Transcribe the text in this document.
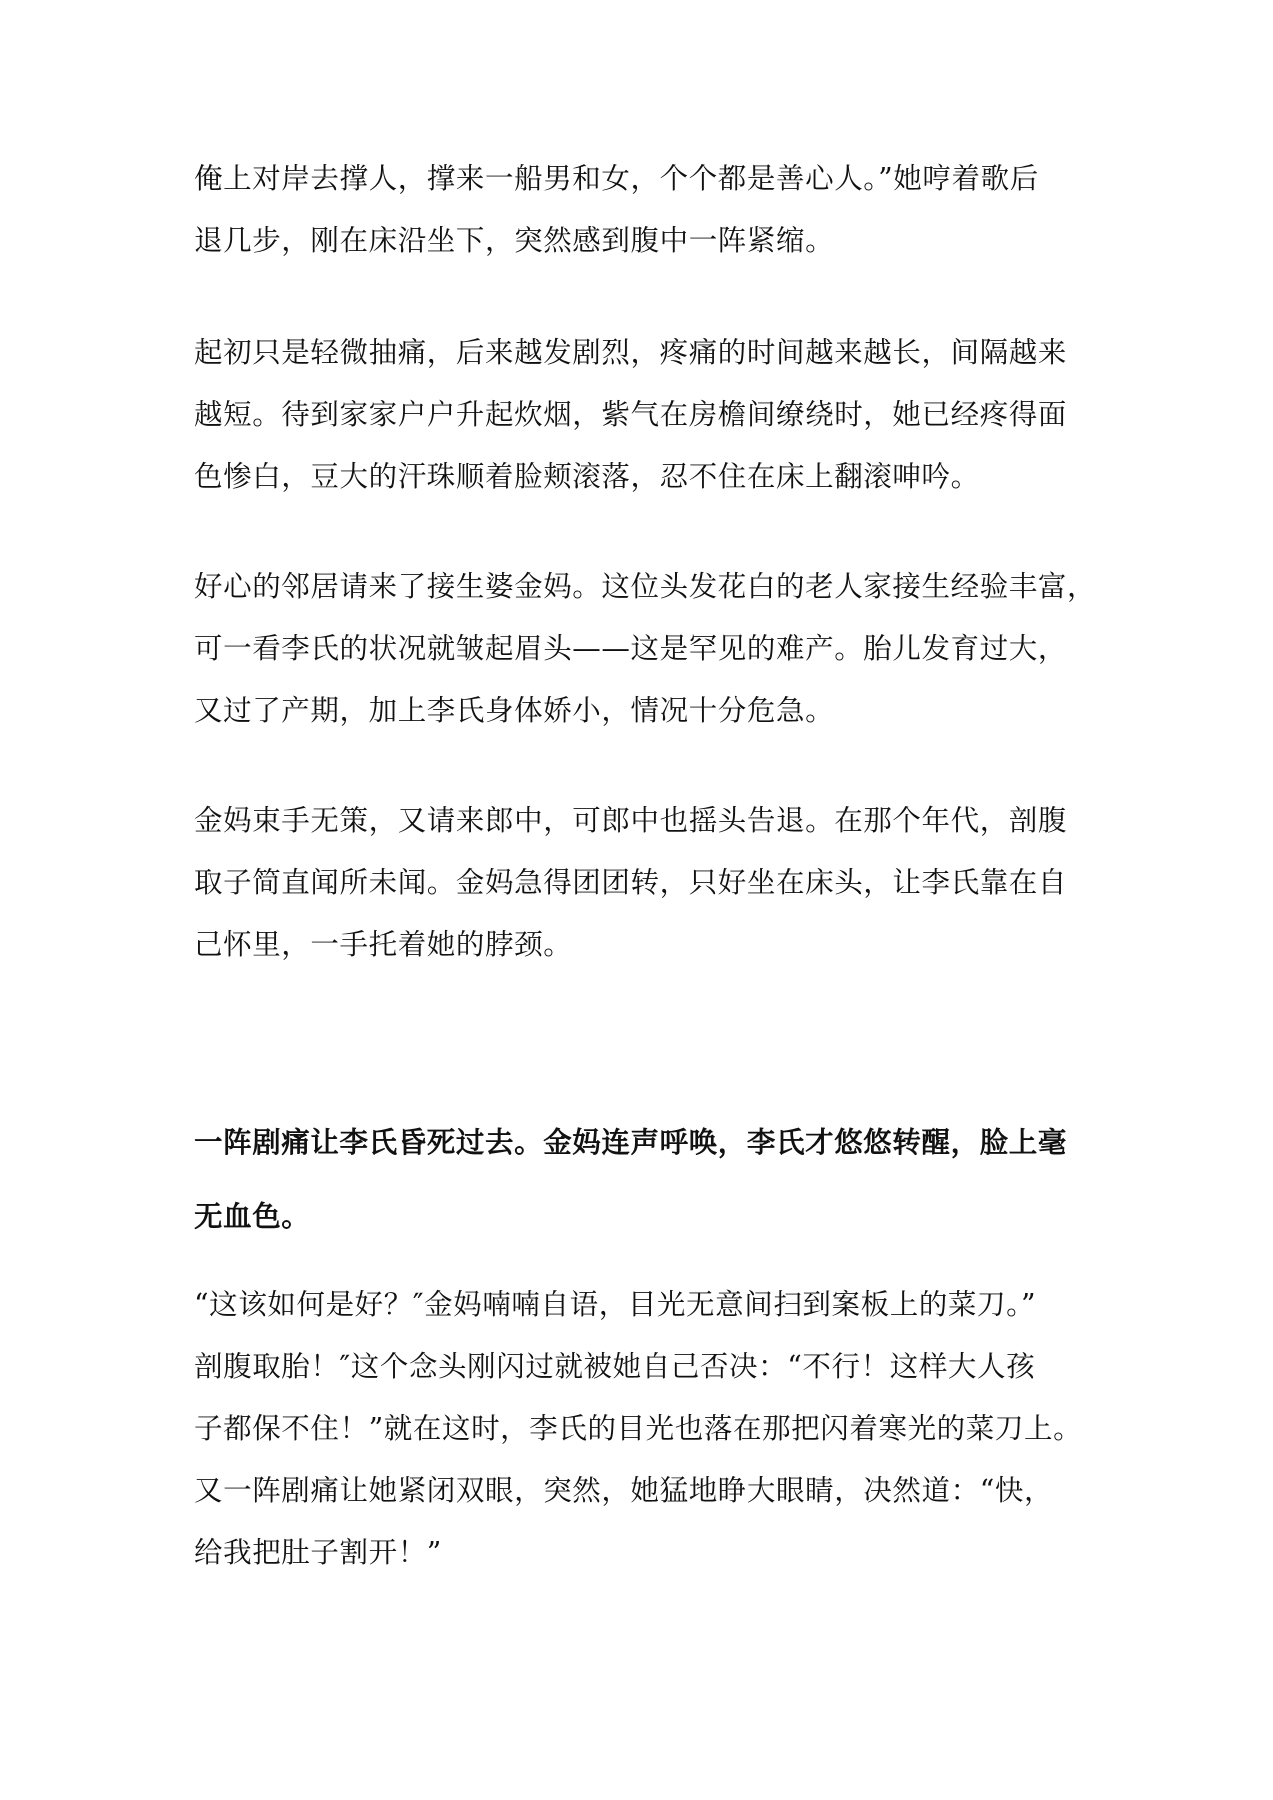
俺上对岸去撑人，撑来一船男和女，个个都是善心人。”她哼着歌后
退几步，刚在床沿坐下，突然感到腹中一阵紧缩。

起初只是轻微抽痛，后来越发剧烈，疼痛的时间越来越长，间隔越来
越短。待到家家户户升起炊烟，紫气在房檐间缭绕时，她已经疼得面
色惨白，豆大的汗珠顺着脸颊滚落，忍不住在床上翻滚呻吟。

好心的邻居请来了接生婆金妈。这位头发花白的老人家接生经验丰富，
可一看李氏的状况就皱起眉头——这是罕见的难产。胎儿发育过大，
又过了产期，加上李氏身体娇小，情况十分危急。

金妈束手无策，又请来郎中，可郎中也摇头告退。在那个年代，剖腹
取子简直闻所未闻。金妈急得团团转，只好坐在床头，让李氏靠在自
己怀里，一手托着她的脖颈。

一阵剧痛让李氏昏死过去。金妈连声呼唤，李氏才悠悠转醒，脸上毫
无血色。

“这该如何是好？″金妈喃喃自语，目光无意间扫到案板上的菜刀。”
剖腹取胎！″这个念头刚闪过就被她自己否决：“不行！这样大人孩
子都保不住！”就在这时，李氏的目光也落在那把闪着寒光的菜刀上。
又一阵剧痛让她紧闭双眼，突然，她猛地睁大眼睛，决然道：“快，
给我把肚子割开！”
